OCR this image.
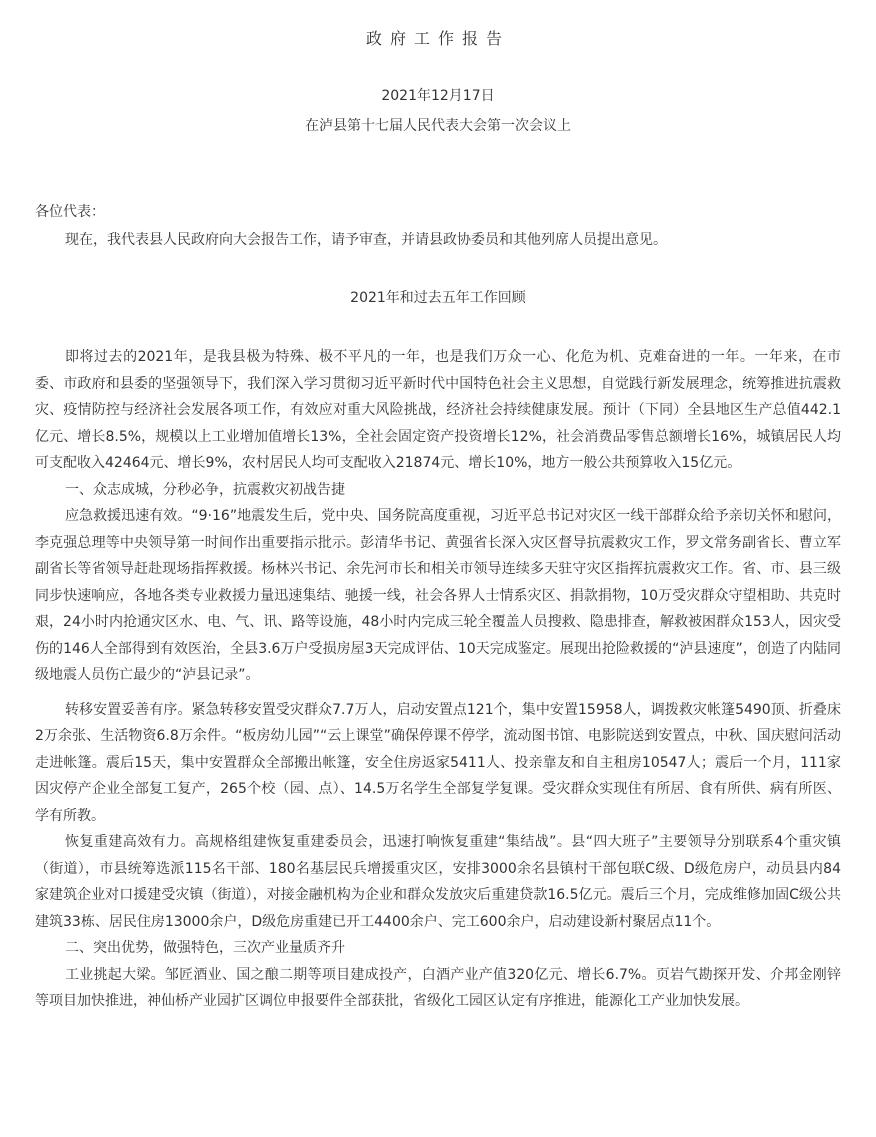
政府工作报告
2021年12月17日
在泸县第十七届人民代表大会第一次会议上
各位代表：
现在，我代表县人民政府向大会报告工作，请予审查，并请县政协委员和其他列席人员提出意见。
2021年和过去五年工作回顾

即将过去的2021年，是我县极为特殊、极不平凡的一年，也是我们万众一心、化危为机、克难奋进的一年。一年来，在市委、市政府和县委的坚强领导下，我们深入学习贯彻习近平新时代中国特色社会主义思想，自觉践行新发展理念，统筹推进抗震救灾、疫情防控与经济社会发展各项工作，有效应对重大风险挑战，经济社会持续健康发展。预计（下同）全县地区生产总值442.1亿元、增长8.5%，规模以上工业增加值增长13%，全社会固定资产投资增长12%，社会消费品零售总额增长16%，城镇居民人均可支配收入42464元、增长9%，农村居民人均可支配收入21874元、增长10%，地方一般公共预算收入15亿元。

一、众志成城，分秒必争，抗震救灾初战告捷

应急救援迅速有效。“9·16”地震发生后，党中央、国务院高度重视，习近平总书记对灾区一线干部群众给予亲切关怀和慰问，李克强总理等中央领导第一时间作出重要指示批示。彭清华书记、黄强省长深入灾区督导抗震救灾工作，罗文常务副省长、曹立军副省长等省领导赶赴现场指挥救援。杨林兴书记、余先河市长和相关市领导连续多天驻守灾区指挥抗震救灾工作。省、市、县三级同步快速响应，各地各类专业救援力量迅速集结、驰援一线，社会各界人士情系灾区、捐款捐物，10万受灾群众守望相助、共克时艰，24小时内抢通灾区水、电、气、讯、路等设施，48小时内完成三轮全覆盖人员搜救、隐患排查，解救被困群众153人，因灾受伤的146人全部得到有效医治，全县3.6万户受损房屋3天完成评估、10天完成鉴定。展现出抢险救援的“泸县速度”，创造了内陆同级地震人员伤亡最少的“泸县记录”。

转移安置妥善有序。紧急转移安置受灾群众7.7万人，启动安置点121个，集中安置15958人，调拨救灾帐篷5490顶、折叠床2万余张、生活物资6.8万余件。“板房幼儿园”“云上课堂”确保停课不停学，流动图书馆、电影院送到安置点，中秋、国庆慰问活动走进帐篷。震后15天，集中安置群众全部搬出帐篷，安全住房返家5411人、投亲靠友和自主租房10547人；震后一个月，111家因灾停产企业全部复工复产，265个校（园、点）、14.5万名学生全部复学复课。受灾群众实现住有所居、食有所供、病有所医、学有所教。

恢复重建高效有力。高规格组建恢复重建委员会，迅速打响恢复重建“集结战”。县“四大班子”主要领导分别联系4个重灾镇（街道），市县统筹选派115名干部、180名基层民兵增援重灾区，安排3000余名县镇村干部包联C级、D级危房户，动员县内84家建筑企业对口援建受灾镇（街道），对接金融机构为企业和群众发放灾后重建贷款16.5亿元。震后三个月，完成维修加固C级公共建筑33栋、居民住房13000余户，D级危房重建已开工4400余户、完工600余户，启动建设新村聚居点11个。

二、突出优势，做强特色，三次产业量质齐升

工业挑起大梁。邹匠酒业、国之酿二期等项目建成投产，白酒产业产值320亿元、增长6.7%。页岩气勘探开发、介邦金刚锌等项目加快推进，神仙桥产业园扩区调位申报要件全部获批，省级化工园区认定有序推进，能源化工产业加快发展。
